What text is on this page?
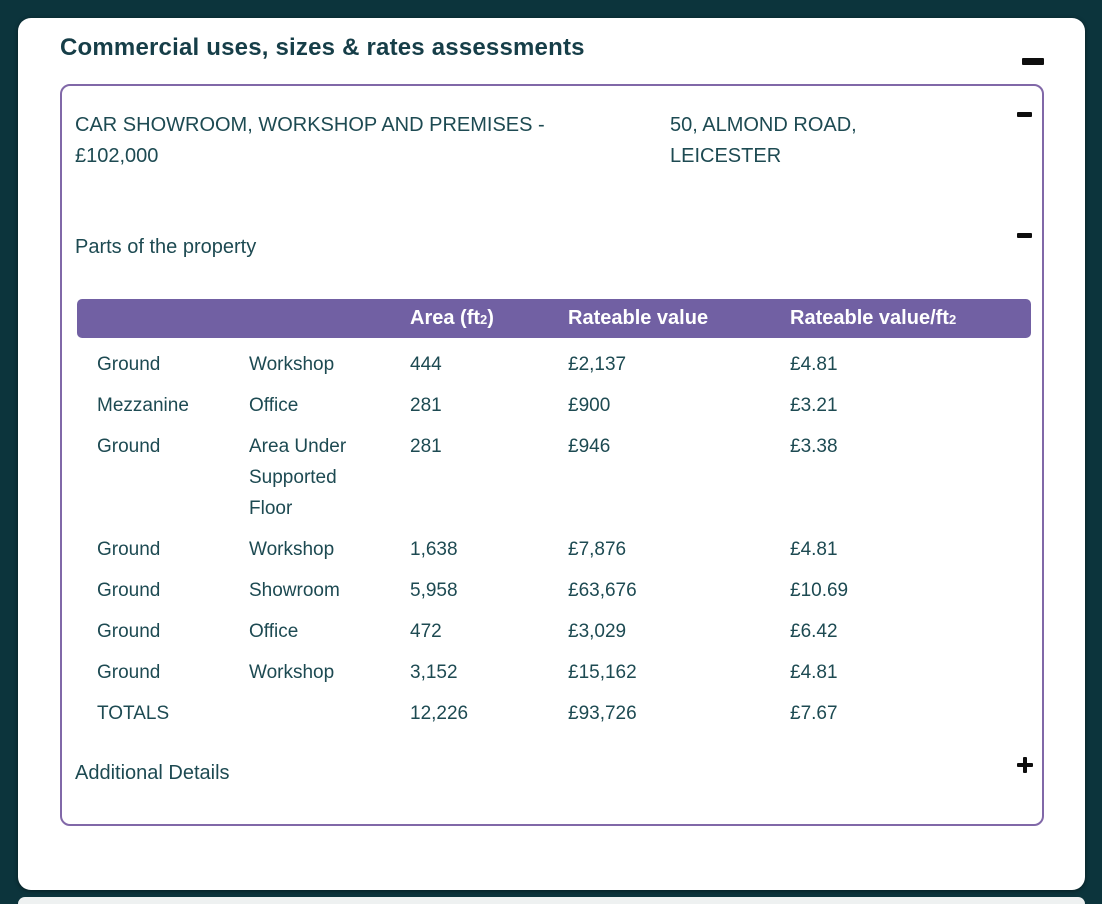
Commercial uses, sizes & rates assessments
CAR SHOWROOM, WORKSHOP AND PREMISES -
£102,000
50, ALMOND ROAD, LEICESTER
Parts of the property
		Area (ft2)	Rateable value	Rateable value/ft2
Ground	Workshop	444	£2,137	£4.81
Mezzanine	Office	281	£900	£3.21
Ground	Area Under Supported Floor	281	£946	£3.38
Ground	Workshop	1,638	£7,876	£4.81
Ground	Showroom	5,958	£63,676	£10.69
Ground	Office	472	£3,029	£6.42
Ground	Workshop	3,152	£15,162	£4.81
TOTALS		12,226	£93,726	£7.67
Additional Details
